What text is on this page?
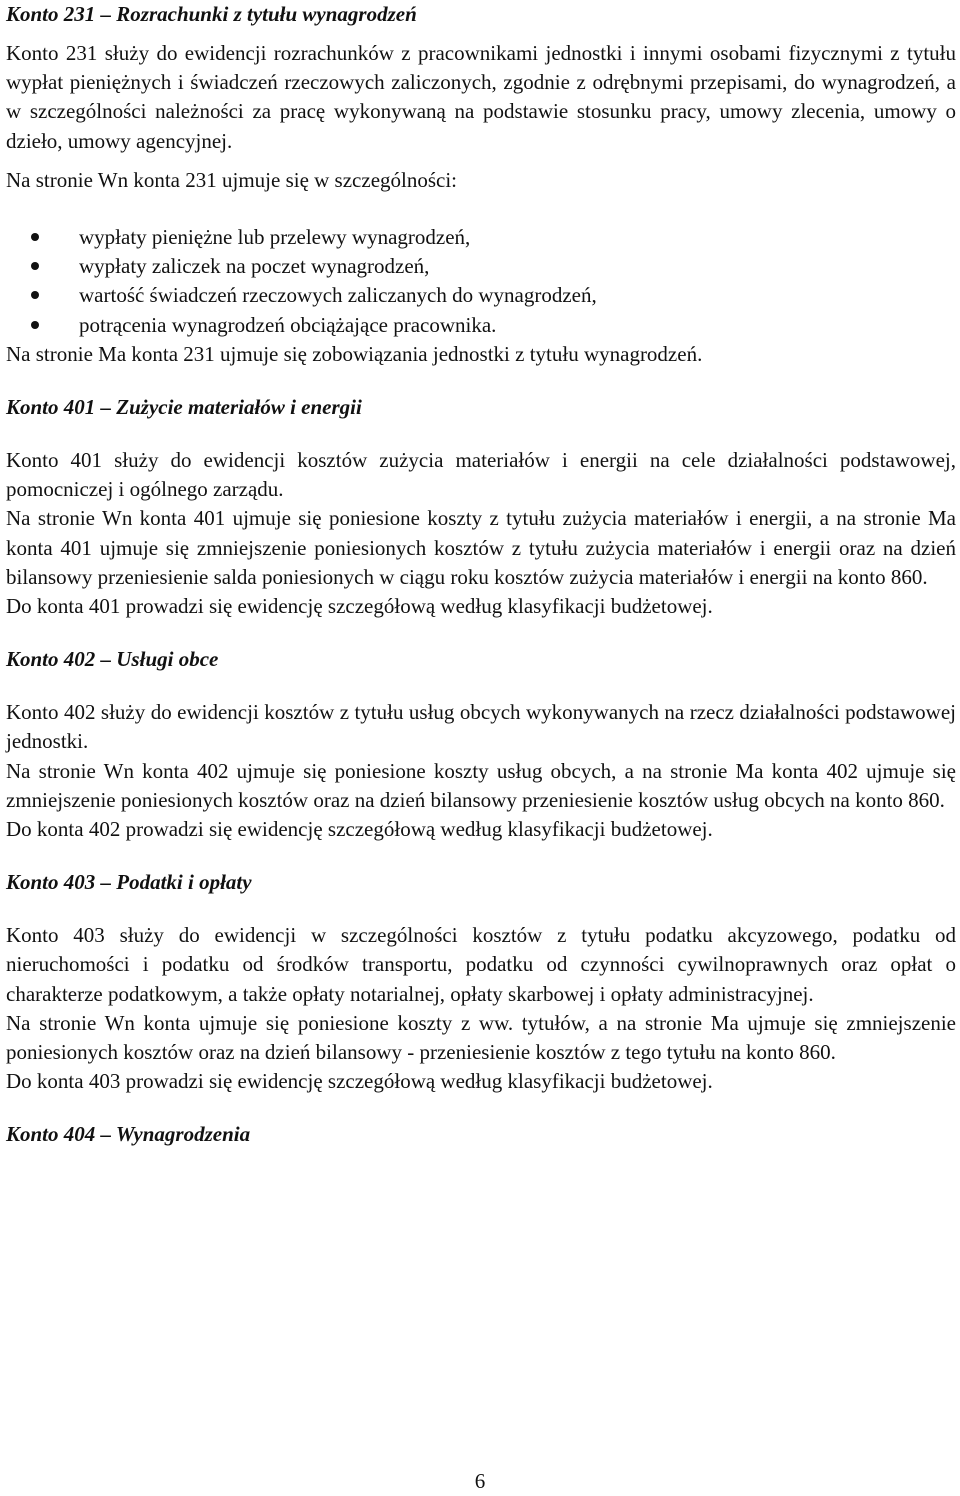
Konto 231 – Rozrachunki z tytułu wynagrodzeń

Konto 231 służy do ewidencji rozrachunków z pracownikami jednostki i innymi osobami fizycznymi z tytułu wypłat pieniężnych i świadczeń rzeczowych zaliczonych, zgodnie z odrębnymi przepisami, do wynagrodzeń, a w szczególności należności za pracę wykonywaną na podstawie stosunku pracy, umowy zlecenia, umowy o dzieło, umowy agencyjnej.

Na stronie Wn konta 231 ujmuje się w szczególności:

wypłaty pieniężne lub przelewy wynagrodzeń,
wypłaty zaliczek na poczet wynagrodzeń,
wartość świadczeń rzeczowych zaliczanych do wynagrodzeń,
potrącenia wynagrodzeń obciążające pracownika.

Na stronie Ma konta 231 ujmuje się zobowiązania jednostki z tytułu wynagrodzeń.

Konto 401 – Zużycie materiałów i energii

Konto 401 służy do ewidencji kosztów zużycia materiałów i energii na cele działalności podstawowej, pomocniczej i ogólnego zarządu.

Na stronie Wn konta 401 ujmuje się poniesione koszty z tytułu zużycia materiałów i energii, a na stronie Ma konta 401 ujmuje się zmniejszenie poniesionych kosztów z tytułu zużycia materiałów i energii oraz na dzień bilansowy przeniesienie salda poniesionych w ciągu roku kosztów zużycia materiałów i energii na konto 860.

Do konta 401 prowadzi się ewidencję szczegółową według klasyfikacji budżetowej.

Konto 402 – Usługi obce

Konto 402 służy do ewidencji kosztów z tytułu usług obcych wykonywanych na rzecz działalności podstawowej jednostki.

Na stronie Wn konta 402 ujmuje się poniesione koszty usług obcych, a na stronie Ma konta 402 ujmuje się zmniejszenie poniesionych kosztów oraz na dzień bilansowy przeniesienie kosztów usług obcych na konto 860.

Do konta 402 prowadzi się ewidencję szczegółową według klasyfikacji budżetowej.

Konto 403 – Podatki i opłaty

Konto 403 służy do ewidencji w szczególności kosztów z tytułu podatku akcyzowego, podatku od nieruchomości i podatku od środków transportu, podatku od czynności cywilnoprawnych oraz opłat o charakterze podatkowym, a także opłaty notarialnej, opłaty skarbowej i opłaty administracyjnej.

Na stronie Wn konta ujmuje się poniesione koszty z ww. tytułów, a na stronie Ma ujmuje się zmniejszenie poniesionych kosztów oraz na dzień bilansowy - przeniesienie kosztów z tego tytułu na konto 860.

Do konta 403 prowadzi się ewidencję szczegółową według klasyfikacji budżetowej.

Konto 404 – Wynagrodzenia
6
